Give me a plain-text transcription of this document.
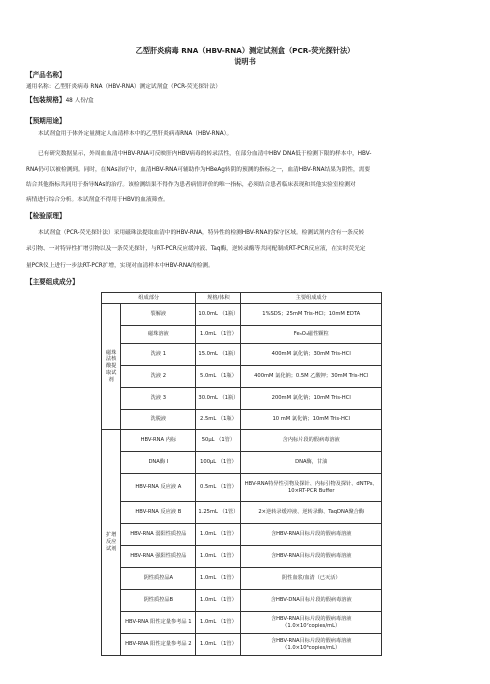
乙型肝炎病毒 RNA（HBV-RNA）测定试剂盒（PCR-荧光探针法）
说明书
【产品名称】
通用名称：乙型肝炎病毒 RNA（HBV-RNA）测定试剂盒（PCR-荧光探针法）
【包装规格】48 人份/盒
【预期用途】
本试剂盒用于体外定量测定人血清样本中的乙型肝炎病毒RNA（HBV-RNA）。
已有研究数据显示，外周血血清中HBV-RNA可反映肝内HBV病毒的转录活性，在部分血清中HBV DNA低于检测下限的样本中，HBV-
RNA仍可以被检测到。同时，在NAs治疗中，血清HBV-RNA可辅助作为HBeAg转阴的预测的指标之一，血清HBV-RNA结果为阴性，需要
结合其他指标共同用于指导NAs的治疗。该检测结果不得作为患者病情评价的唯一指标，必须结合患者临床表现和其他实验室检测对
病情进行综合分析。本试剂盒不得用于HBV的血液筛查。
【检验原理】
本试剂盒（PCR-荧光探针法）采用磁珠法提取血清中的HBV-RNA，特异性的检测HBV-RNA的保守区域。检测试剂内含有一条反转
录引物、一对特异性扩增引物以及一条荧光探针，与RT-PCR反应缓冲液、Taq酶，逆转录酶等共同配制成RT-PCR反应液，在实时荧光定
量PCR仪上进行一步法RT-PCR扩增，实现对血清样本中HBV-RNA的检测。
【主要组成成分】
组成部分		规格/体积	主要组成成分
磁珠法核酸提取试剂	裂解液	10.0mL （1瓶）	1%SDS；25mM Tris-HCl；10mM EDTA
	磁珠溶液	1.0mL （1管）	Fe₃O₄磁性颗粒
	洗液 1	15.0mL （1瓶）	400mM 氯化钠；30mM Tris-HCl
	洗液 2	5.0mL （1瓶）	400mM 氯化钠；0.5M 乙酸钾；30mM Tris-HCl
	洗液 3	30.0mL （1瓶）	200mM 氯化钠；10mM Tris-HCl
	洗脱液	2.5mL （1瓶）	10 mM 氯化钠；10mM Tris-HCl
扩增反应试剂	HBV-RNA 内标	50μL （1管）	含内标片段的假病毒溶液
	DNA酶 I	100μL （1管）	DNA酶，甘油
	HBV-RNA 反应液 A	0.5mL （1管）	HBV-RNA特异性引物及探针、内标引物及探针、dNTPs、10×RT-PCR Buffer
	HBV-RNA 反应液 B	1.25mL （1管）	2×逆转录缓冲液、逆转录酶、TaqDNA聚合酶
	HBV-RNA 弱阳性质控品	1.0mL （1管）	含HBV-RNA目标片段的假病毒溶液
	HBV-RNA 强阳性质控品	1.0mL （1管）	含HBV-RNA目标片段的假病毒溶液
	阴性质控品A	1.0mL （1管）	阴性血浆/血清（已灭活）
	阴性质控品B	1.0mL （1管）	含HBV-DNA目标片段的假病毒溶液
	HBV-RNA 阳性定量参考品 1	1.0mL （1管）	含HBV-RNA目标片段的假病毒溶液（1.0×10⁷copies/mL）
	HBV-RNA 阳性定量参考品 2	1.0mL （1管）	含HBV-RNA目标片段的假病毒溶液（1.0×10⁶copies/mL）
